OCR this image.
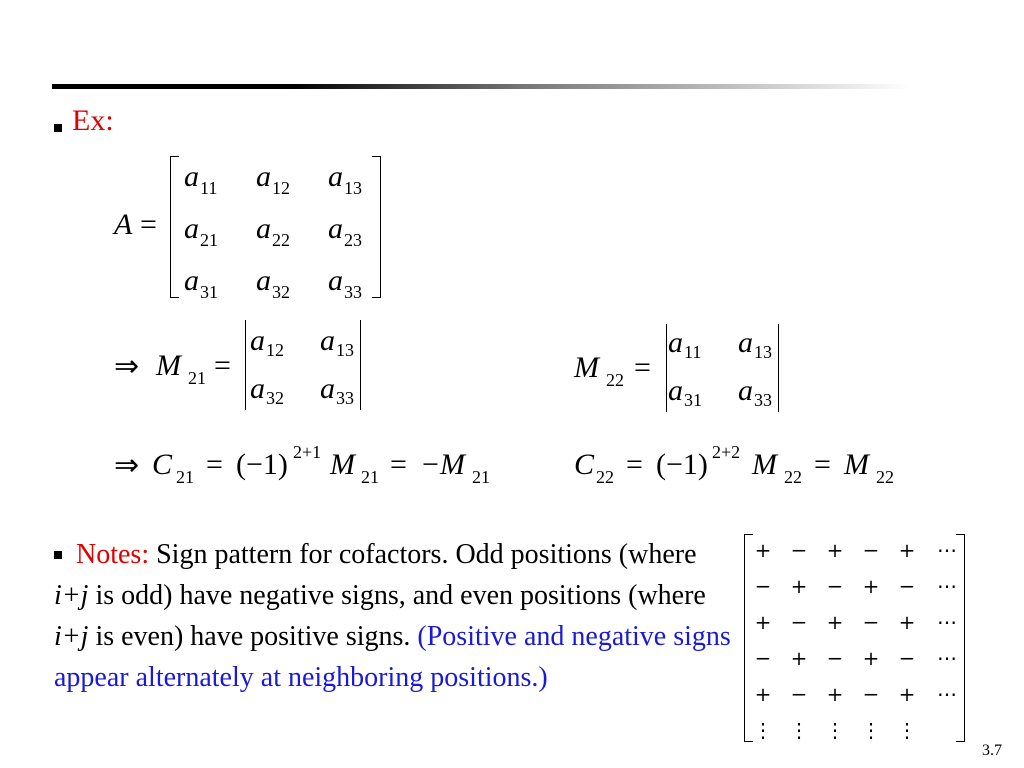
Ex:
A =
a 11 a 12 a 13
a 21 a 22 a 23
a 31 a 32 a 33
⇒ M 21 =
a 12 a 13
a 32 a 33
M 22 =
a 11 a 13
a 31 a 33
⇒ C 21 = (−1) 2+1 M 21 = − M 21	C 22 = (−1) 2+2 M 22 = M 22
Notes: Sign pattern for cofactors. Odd positions (where i+j is odd) have negative signs, and even positions (where i+j is even) have positive signs. (Positive and negative signs appear alternately at neighboring positions.)
+ − + − + ⋯
− + − + − ⋯
+ − + − + ⋯
− + − + − ⋯
+ − + − + ⋯
⋮ ⋮ ⋮ ⋮ ⋮
3.7
